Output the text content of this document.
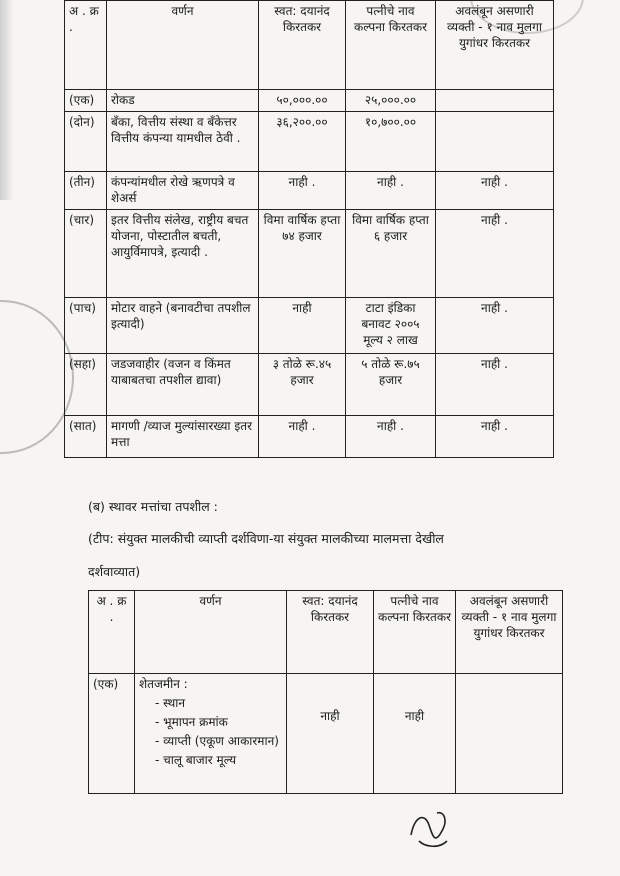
अ . क्र .	वर्णन	स्वत: दयानंद किरतकर	पत्नीचे नाव कल्पना किरतकर	अवलंबून असणारी व्यक्ती - १ नाव मुलगा युगांधर किरतकर
(एक)	रोकड	५०,०००.००	२५,०००.००	
(दोन)	बँका, वित्तीय संस्था व बँकेत्तर वित्तीय कंपन्या यामधील ठेवी .	३६,२००.००	१०,७००.००	
(तीन)	कंपन्यांमधील रोखे ऋणपत्रे व शेअर्स	नाही .	नाही .	नाही .
(चार)	इतर वित्तीय संलेख, राष्ट्रीय बचत योजना, पोस्टातील बचती, आयुर्विमापत्रे, इत्यादी .	विमा वार्षिक हप्ता ७४ हजार	विमा वार्षिक हप्ता ६ हजार	नाही .
(पाच)	मोटार वाहने (बनावटीचा तपशील इत्यादी)	नाही	टाटा इंडिका बनावट २००५ मूल्य २ लाख	नाही .
(सहा)	जडजवाहीर (वजन व किंमत याबाबतचा तपशील द्यावा)	३ तोळे रू.४५ हजार	५ तोळे रू.७५ हजार	नाही .
(सात)	मागणी /व्याज मुल्यांसारख्या इतर मत्ता	नाही .	नाही .	नाही .
(ब) स्थावर मत्तांचा तपशील :
(टीप: संयुक्त मालकीची व्याप्ती दर्शविणा-या संयुक्त मालकीच्या मालमत्ता देखील
दर्शवाव्यात)
अ . क्र .	वर्णन	स्वत: दयानंद किरतकर	पत्नीचे नाव कल्पना किरतकर	अवलंबून असणारी व्यक्ती - १ नाव मुलगा युगांधर किरतकर
(एक)	शेतजमीन :
- स्थान
- भूमापन क्रमांक
- व्याप्ती (एकूण आकारमान)
- चालू बाजार मूल्य	नाही	नाही	
